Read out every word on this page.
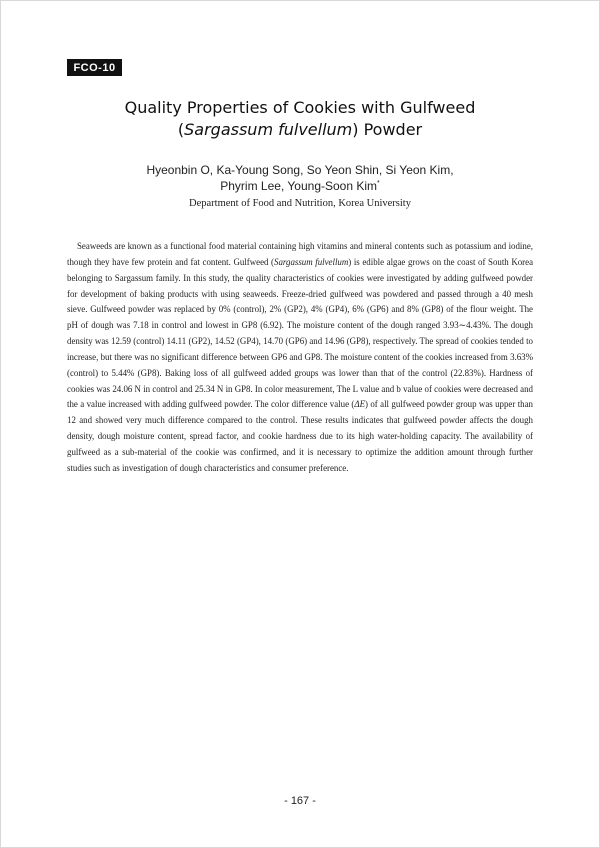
FCO-10
Quality Properties of Cookies with Gulfweed
(Sargassum fulvellum) Powder
Hyeonbin O, Ka-Young Song, So Yeon Shin, Si Yeon Kim,
Phyrim Lee, Young-Soon Kim*
Department of Food and Nutrition, Korea University

Seaweeds are known as a functional food material containing high vitamins and mineral contents such as potassium and iodine, though they have few protein and fat content. Gulfweed (Sargassum fulvellum) is edible algae grows on the coast of South Korea belonging to Sargassum family. In this study, the quality characteristics of cookies were investigated by adding gulfweed powder for development of baking products with using seaweeds. Freeze-dried gulfweed was powdered and passed through a 40 mesh sieve. Gulfweed powder was replaced by 0% (control), 2% (GP2), 4% (GP4), 6% (GP6) and 8% (GP8) of the flour weight. The pH of dough was 7.18 in control and lowest in GP8 (6.92). The moisture content of the dough ranged 3.93∼4.43%. The dough density was 12.59 (control) 14.11 (GP2), 14.52 (GP4), 14.70 (GP6) and 14.96 (GP8), respectively. The spread of cookies tended to increase, but there was no significant difference between GP6 and GP8. The moisture content of the cookies increased from 3.63% (control) to 5.44% (GP8). Baking loss of all gulfweed added groups was lower than that of the control (22.83%). Hardness of cookies was 24.06 N in control and 25.34 N in GP8. In color measurement, The L value and b value of cookies were decreased and the a value increased with adding gulfweed powder. The color difference value (ΔE) of all gulfweed powder group was upper than 12 and showed very much difference compared to the control. These results indicates that gulfweed powder affects the dough density, dough moisture content, spread factor, and cookie hardness due to its high water-holding capacity. The availability of gulfweed as a sub-material of the cookie was confirmed, and it is necessary to optimize the addition amount through further studies such as investigation of dough characteristics and consumer preference.

- 167 -
